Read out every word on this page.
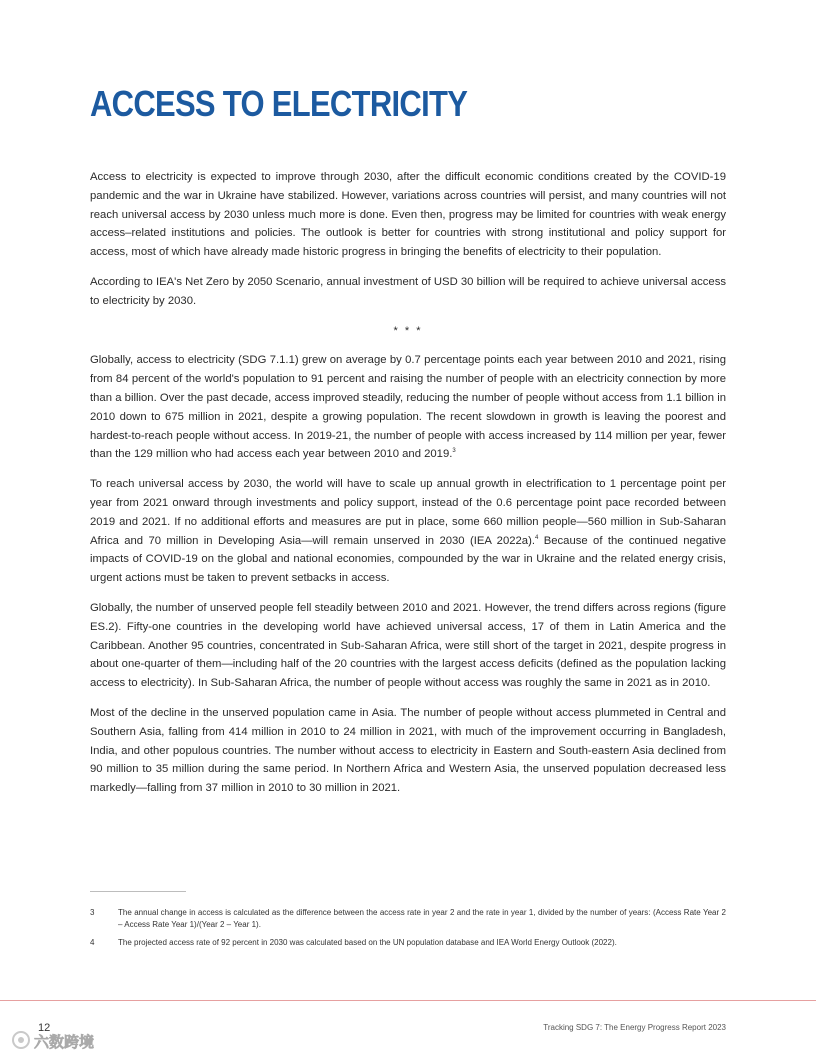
ACCESS TO ELECTRICITY

Access to electricity is expected to improve through 2030, after the difficult economic conditions created by the COVID-19 pandemic and the war in Ukraine have stabilized. However, variations across countries will persist, and many countries will not reach universal access by 2030 unless much more is done. Even then, progress may be limited for countries with weak energy access–related institutions and policies. The outlook is better for countries with strong institutional and policy support for access, most of which have already made historic progress in bringing the benefits of electricity to their population.

According to IEA's Net Zero by 2050 Scenario, annual investment of USD 30 billion will be required to achieve universal access to electricity by 2030.

* * *

Globally, access to electricity (SDG 7.1.1) grew on average by 0.7 percentage points each year between 2010 and 2021, rising from 84 percent of the world's population to 91 percent and raising the number of people with an electricity connection by more than a billion. Over the past decade, access improved steadily, reducing the number of people without access from 1.1 billion in 2010 down to 675 million in 2021, despite a growing population. The recent slowdown in growth is leaving the poorest and hardest-to-reach people without access. In 2019-21, the number of people with access increased by 114 million per year, fewer than the 129 million who had access each year between 2010 and 2019.$^3$

To reach universal access by 2030, the world will have to scale up annual growth in electrification to 1 percentage point per year from 2021 onward through investments and policy support, instead of the 0.6 percentage point pace recorded between 2019 and 2021. If no additional efforts and measures are put in place, some 660 million people—560 million in Sub-Saharan Africa and 70 million in Developing Asia—will remain unserved in 2030 (IEA 2022a).$^4$ Because of the continued negative impacts of COVID-19 on the global and national economies, compounded by the war in Ukraine and the related energy crisis, urgent actions must be taken to prevent setbacks in access.

Globally, the number of unserved people fell steadily between 2010 and 2021. However, the trend differs across regions (figure ES.2). Fifty-one countries in the developing world have achieved universal access, 17 of them in Latin America and the Caribbean. Another 95 countries, concentrated in Sub-Saharan Africa, were still short of the target in 2021, despite progress in about one-quarter of them—including half of the 20 countries with the largest access deficits (defined as the population lacking access to electricity). In Sub-Saharan Africa, the number of people without access was roughly the same in 2021 as in 2010.

Most of the decline in the unserved population came in Asia. The number of people without access plummeted in Central and Southern Asia, falling from 414 million in 2010 to 24 million in 2021, with much of the improvement occurring in Bangladesh, India, and other populous countries. The number without access to electricity in Eastern and South-eastern Asia declined from 90 million to 35 million during the same period. In Northern Africa and Western Asia, the unserved population decreased less markedly—falling from 37 million in 2010 to 30 million in 2021.

3	The annual change in access is calculated as the difference between the access rate in year 2 and the rate in year 1, divided by the number of years: (Access Rate Year 2 – Access Rate Year 1)/(Year 2 – Year 1).
4	The projected access rate of 92 percent in 2030 was calculated based on the UN population database and IEA World Energy Outlook (2022).
12	Tracking SDG 7: The Energy Progress Report 2023
六数跨境
